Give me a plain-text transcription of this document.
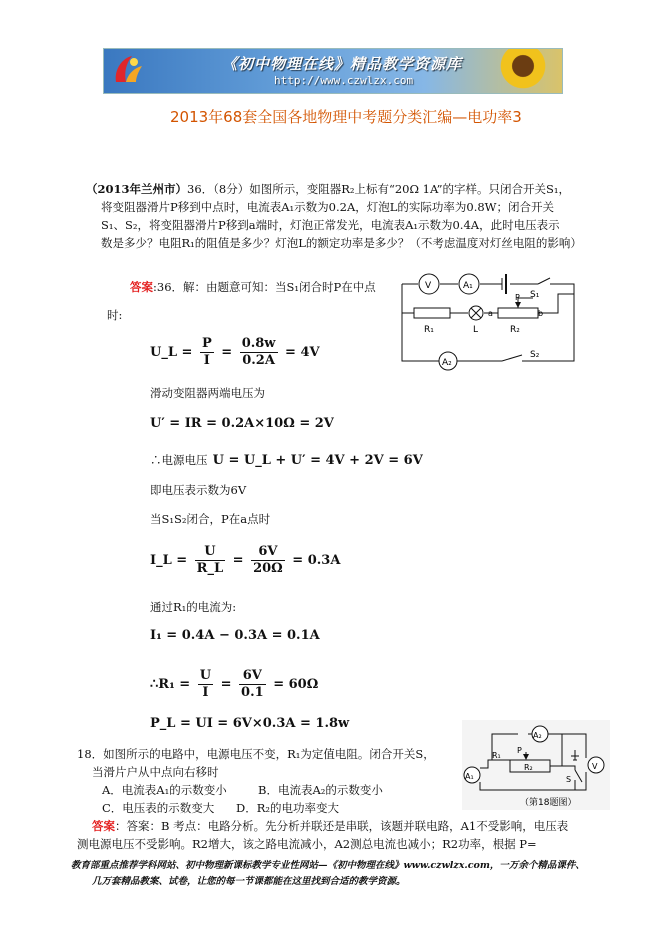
《初中物理在线》精品教学资源库
http://www.czwlzx.com
2013年68套全国各地物理中考题分类汇编—电功率3
（2013年兰州市）36．（8分）如图所示，变阻器R₂上标有“20Ω 1A”的字样。只闭合开关S₁，
将变阻器滑片P移到中点时，电流表A₁示数为0.2A，灯泡L的实际功率为0.8W；闭合开关
S₁、S₂，将变阻器滑片P移到a端时，灯泡正常发光，电流表A₁示数为0.4A，此时电压表示
数是多少？电阻R₁的阻值是多少？灯泡L的额定功率是多少？（不考虑温度对灯丝电阻的影响）
V	A₁
S₁
P
a	b
R₁	L	R₂
A₂
S₂
答案:36．解：由题意可知：当S₁闭合时P在中点
时:
U_L = $\frac{P}{I} = \frac{0.8w}{0.2A} = 4V$
滑动变阻器两端电压为
U′ = IR = 0.2A×10Ω = 2V
∴电源电压 U = U_L + U′ = 4V + 2V = 6V
即电压表示数为6V
当S₁S₂闭合，P在a点时
I_L = $\frac{U}{R\_L} = \frac{6V}{20\Omega} = 0.3A$
通过R₁的电流为:
I₁ = 0.4A − 0.3A = 0.1A
∴R₁ = $\frac{U}{I} = \frac{6V}{0.1} = 60\Omega$
P_L = UI = 6V×0.3A = 1.8w
18．如图所示的电路中，电源电压不变，R₁为定值电阻。闭合开关S，
当滑片户从中点向右移时
A．电流表A₁的示数变小	B．电流表A₂的示数变小
C．电压表的示数变大 D．R₂的电功率变大
答案：答案：B 考点：电路分析。先分析并联还是串联，该题并联电路，A1不受影响，电压表
测电源电压不受影响。R2增大，该之路电流减小，A2测总电流也减小；R2功率，根据 P=
A₁
R₁
P
R₂
A₂
V
S
（第18题图）
教育部重点推荐学科网站、初中物理新课标教学专业性网站—《初中物理在线》www.czwlzx.com，一万余个精品课件、
几万套精品教案、试卷，让您的每一节课都能在这里找到合适的教学资源。
